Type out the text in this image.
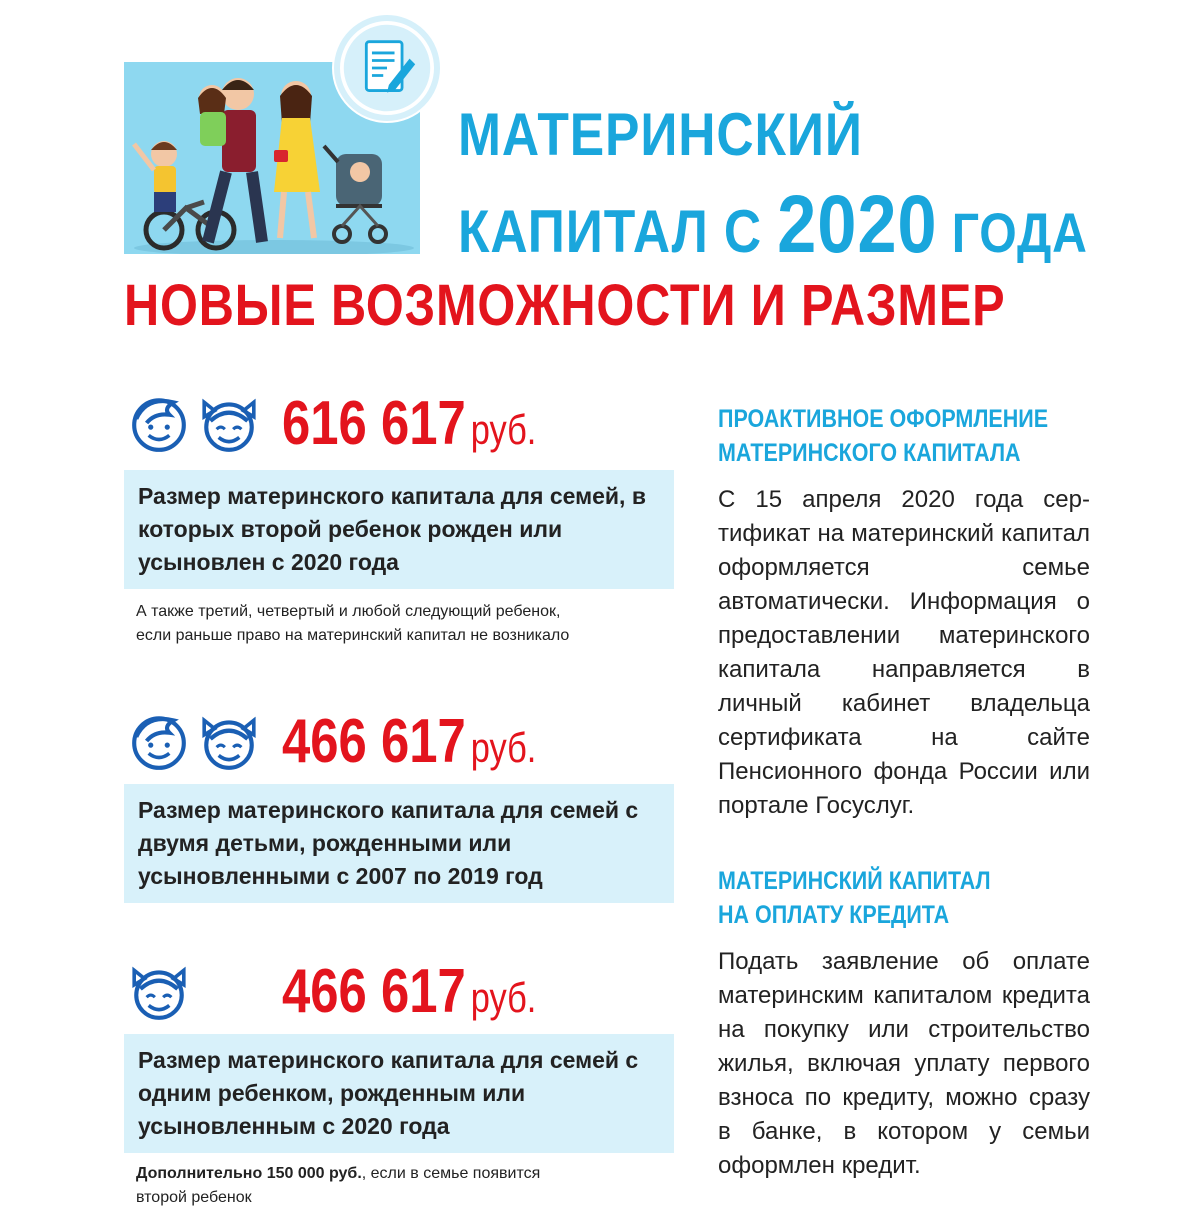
МАТЕРИНСКИЙ
КАПИТАЛ С 2020 ГОДА
НОВЫЕ ВОЗМОЖНОСТИ И РАЗМЕР
616 617 руб.
Размер материнского капитала для семей, в которых второй ребенок рожден или усыновлен с 2020 года
А также третий, четвертый и любой следующий ребенок,
если раньше право на материнский капитал не возникало
466 617 руб.
Размер материнского капитала для семей с двумя детьми, рожденными или усыновленными с 2007 по 2019 год
466 617 руб.
Размер материнского капитала для семей с одним ребенком, рожденным или усыновленным с 2020 года
Дополнительно 150 000 руб., если в семье появится
второй ребенок
ПРОАКТИВНОЕ ОФОРМЛЕНИЕ
МАТЕРИНСКОГО КАПИТАЛА
С 15 апреля 2020 года сертификат на материнский капитал оформляется семье автоматически. Информация о предоставлении материнского капитала направляется в личный кабинет владельца сертификата на сайте Пенсионного фонда России или портале Госуслуг.
МАТЕРИНСКИЙ КАПИТАЛ
НА ОПЛАТУ КРЕДИТА
Подать заявление об оплате материнским капиталом кредита на покупку или строительство жилья, включая уплату первого взноса по кредиту, можно сразу в банке, в котором у семьи оформлен кредит.
